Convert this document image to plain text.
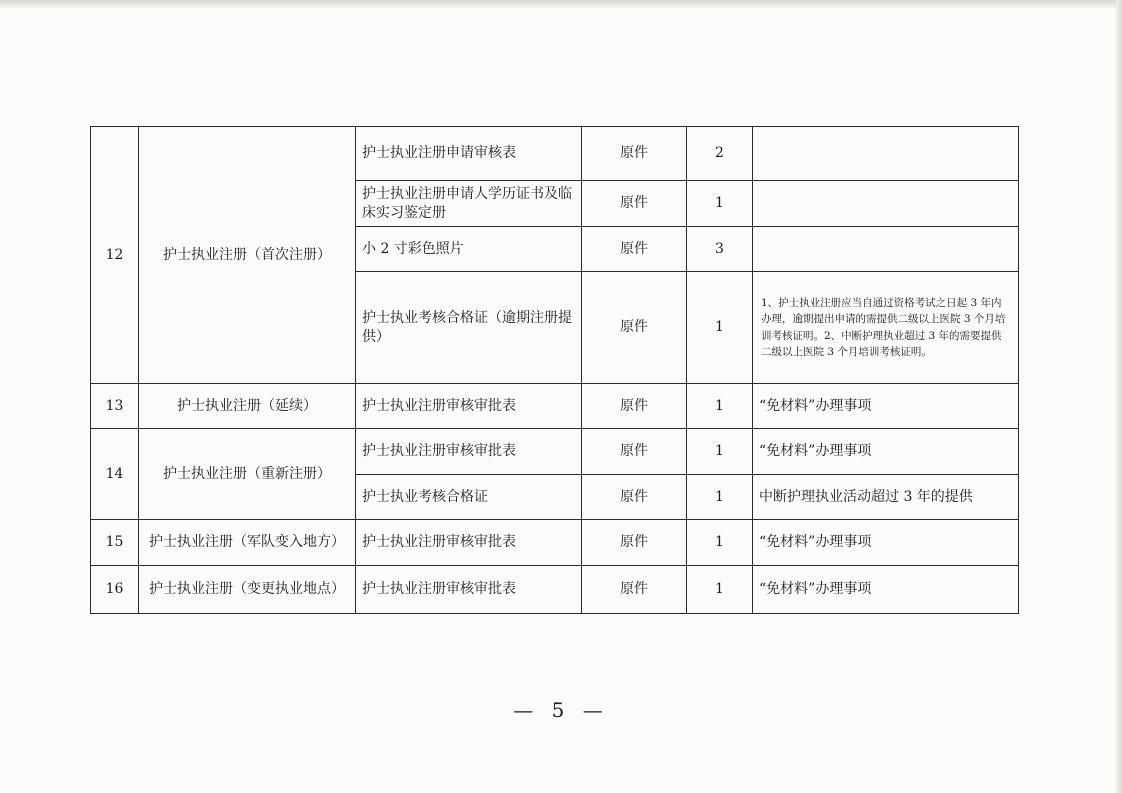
12	护士执业注册（首次注册）	护士执业注册申请审核表	原件	2	
		护士执业注册申请人学历证书及临床实习鉴定册	原件	1	
		小 2 寸彩色照片	原件	3	
		护士执业考核合格证（逾期注册提供）	原件	1	1、护士执业注册应当自通过资格考试之日起 3 年内办理，逾期提出申请的需提供二级以上医院 3 个月培训考核证明。2、中断护理执业超过 3 年的需要提供二级以上医院 3 个月培训考核证明。
13	护士执业注册（延续）	护士执业注册审核审批表	原件	1	“免材料”办理事项
14	护士执业注册（重新注册）	护士执业注册审核审批表	原件	1	“免材料”办理事项
		护士执业考核合格证	原件	1	中断护理执业活动超过 3 年的提供
15	护士执业注册（军队变入地方）	护士执业注册审核审批表	原件	1	“免材料”办理事项
16	护士执业注册（变更执业地点）	护士执业注册审核审批表	原件	1	“免材料”办理事项
— 5 —
